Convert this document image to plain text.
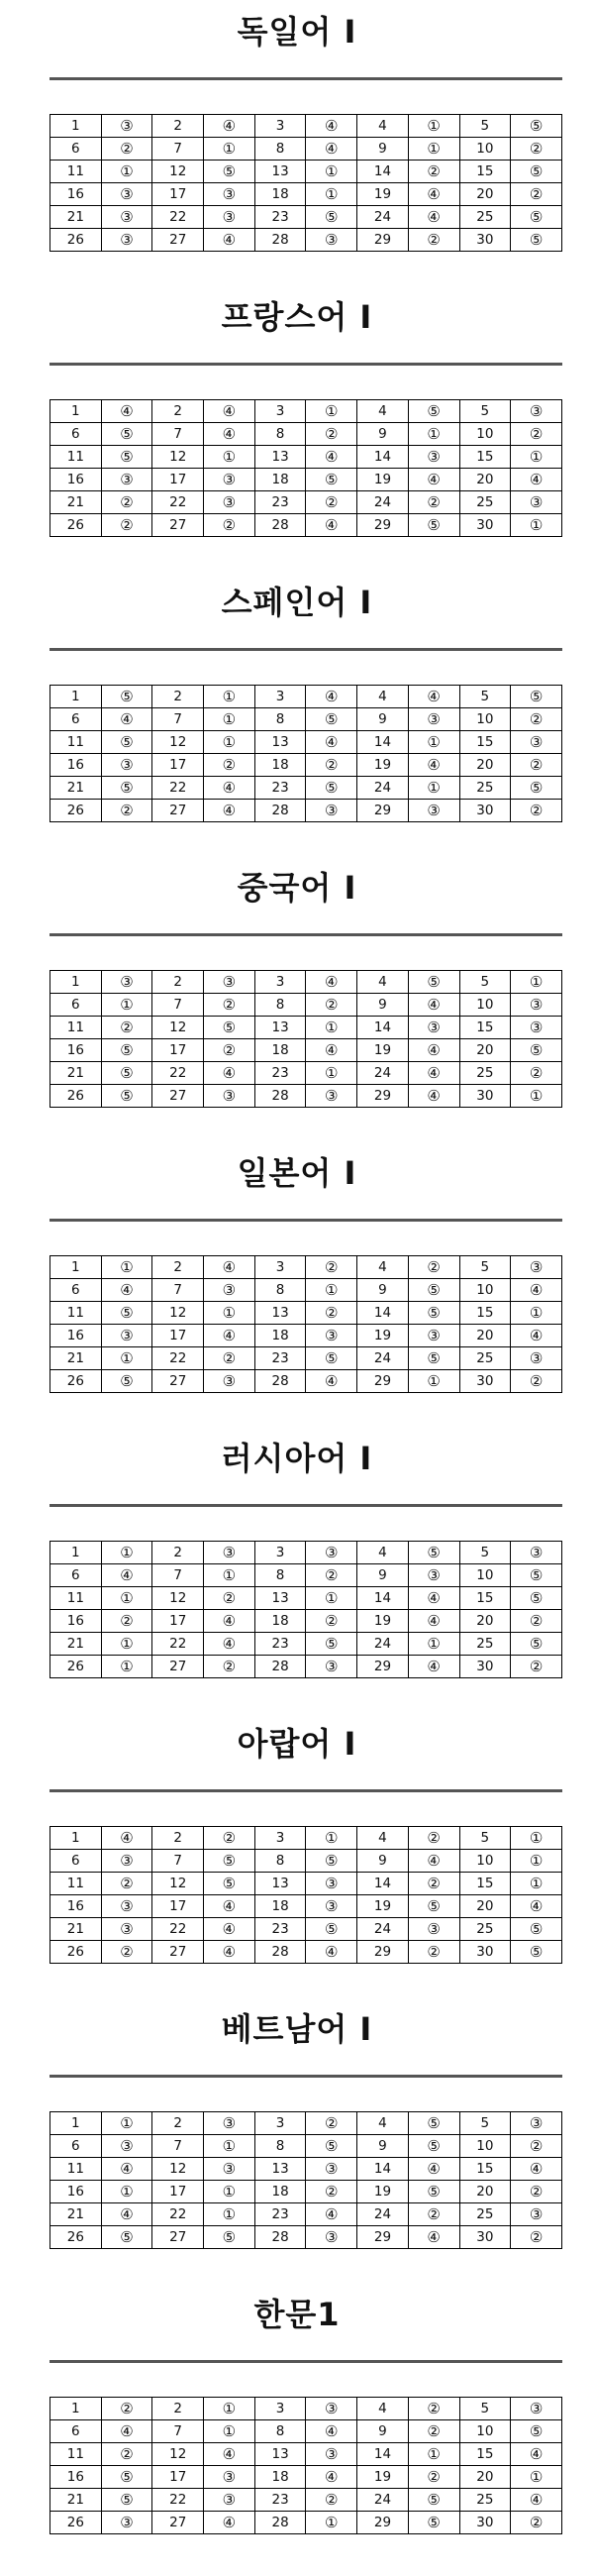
독일어 I
1	③	2	④	3	④	4	①	5	⑤
6	②	7	①	8	④	9	①	10	②
11	①	12	⑤	13	①	14	②	15	⑤
16	③	17	③	18	①	19	④	20	②
21	③	22	③	23	⑤	24	④	25	⑤
26	③	27	④	28	③	29	②	30	⑤
프랑스어 I
1	④	2	④	3	①	4	⑤	5	③
6	⑤	7	④	8	②	9	①	10	②
11	⑤	12	①	13	④	14	③	15	①
16	③	17	③	18	⑤	19	④	20	④
21	②	22	③	23	②	24	②	25	③
26	②	27	②	28	④	29	⑤	30	①
스페인어 I
1	⑤	2	①	3	④	4	④	5	⑤
6	④	7	①	8	⑤	9	③	10	②
11	⑤	12	①	13	④	14	①	15	③
16	③	17	②	18	②	19	④	20	②
21	⑤	22	④	23	⑤	24	①	25	⑤
26	②	27	④	28	③	29	③	30	②
중국어 I
1	③	2	③	3	④	4	⑤	5	①
6	①	7	②	8	②	9	④	10	③
11	②	12	⑤	13	①	14	③	15	③
16	⑤	17	②	18	④	19	④	20	⑤
21	⑤	22	④	23	①	24	④	25	②
26	⑤	27	③	28	③	29	④	30	①
일본어 I
1	①	2	④	3	②	4	②	5	③
6	④	7	③	8	①	9	⑤	10	④
11	⑤	12	①	13	②	14	⑤	15	①
16	③	17	④	18	③	19	③	20	④
21	①	22	②	23	⑤	24	⑤	25	③
26	⑤	27	③	28	④	29	①	30	②
러시아어 I
1	①	2	③	3	③	4	⑤	5	③
6	④	7	①	8	②	9	③	10	⑤
11	①	12	②	13	①	14	④	15	⑤
16	②	17	④	18	②	19	④	20	②
21	①	22	④	23	⑤	24	①	25	⑤
26	①	27	②	28	③	29	④	30	②
아랍어 I
1	④	2	②	3	①	4	②	5	①
6	③	7	⑤	8	⑤	9	④	10	①
11	②	12	⑤	13	③	14	②	15	①
16	③	17	④	18	③	19	⑤	20	④
21	③	22	④	23	⑤	24	③	25	⑤
26	②	27	④	28	④	29	②	30	⑤
베트남어 I
1	①	2	③	3	②	4	⑤	5	③
6	③	7	①	8	⑤	9	⑤	10	②
11	④	12	③	13	③	14	④	15	④
16	①	17	①	18	②	19	⑤	20	②
21	④	22	①	23	④	24	②	25	③
26	⑤	27	⑤	28	③	29	④	30	②
한문1
1	②	2	①	3	③	4	②	5	③
6	④	7	①	8	④	9	②	10	⑤
11	②	12	④	13	③	14	①	15	④
16	⑤	17	③	18	④	19	②	20	①
21	⑤	22	③	23	②	24	⑤	25	④
26	③	27	④	28	①	29	⑤	30	②
